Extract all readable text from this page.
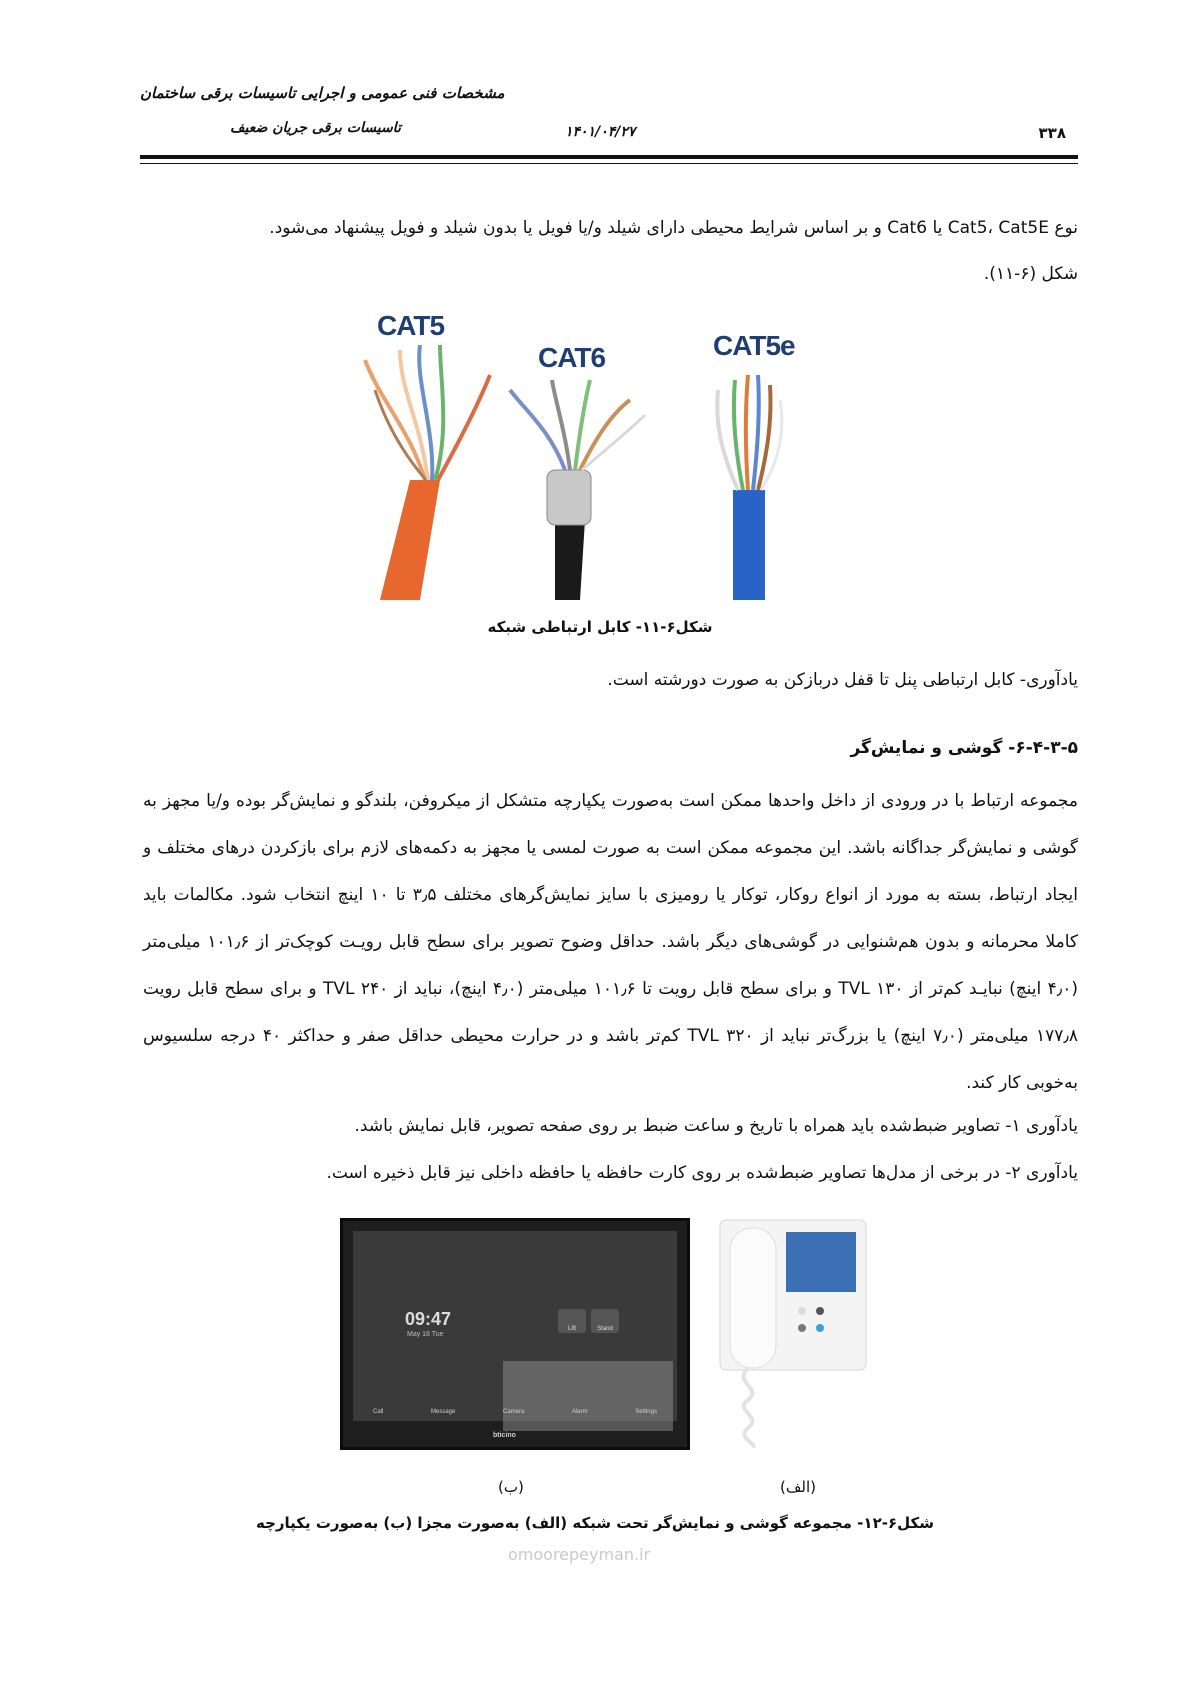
مشخصات فنی عمومی و اجرایی تاسیسات برقی ساختمان
تاسیسات برقی جریان ضعیف	۱۴۰۱/۰۴/۲۷	۳۳۸
نوع Cat5، Cat5E یا Cat6 و بر اساس شرایط محیطی دارای شیلد و/یا فویل یا بدون شیلد و فویل پیشنهاد می‌شود.
شکل (۶-۱۱).
CAT5
CAT6	CAT5e
شکل۶-۱۱- کابل ارتباطی شبکه
یادآوری- کابل ارتباطی پنل تا قفل دربازکن به صورت دورشته است.
۶-۴-۳-۵- گوشی و نمایش‌گر
مجموعه ارتباط با در ورودی از داخل واحدها ممکن است به‌صورت یکپارچه متشکل از میکروفن، بلندگو و نمایش‌گر بوده و/یا مجهز به گوشی و نمایش‌گر جداگانه باشد. این مجموعه ممکن است به صورت لمسی یا مجهز به دکمه‌های لازم برای بازکردن درهای مختلف و ایجاد ارتباط، بسته به مورد از انواع روکار، توکار یا رومیزی با سایز نمایش‌گرهای مختلف ۳٫۵ تا ۱۰ اینچ انتخاب شود. مکالمات باید کاملا محرمانه و بدون هم‌شنوایی در گوشی‌های دیگر باشد. حداقل وضوح تصویر برای سطح قابل رویـت کوچک‌تر از ۱۰۱٫۶ میلی‌متر (۴٫۰ اینچ) نبایـد کم‌تر از TVL ۱۳۰ و برای سطح قابل رویت تا ۱۰۱٫۶ میلی‌متر (۴٫۰ اینچ)، نباید از TVL ۲۴۰ و برای سطح قابل رویت ۱۷۷٫۸ میلی‌متر (۷٫۰ اینچ) یا بزرگ‌تر نباید از TVL ۳۲۰ کم‌تر باشد و در حرارت محیطی حداقل صفر و حداکثر ۴۰ درجه سلسیوس به‌خوبی کار کند.
یادآوری ۱- تصاویر ضبط‌شده باید همراه با تاریخ و ساعت ضبط بر روی صفحه تصویر، قابل نمایش باشد.
یادآوری ۲- در برخی از مدل‌ها تصاویر ضبط‌شده بر روی کارت حافظه یا حافظه داخلی نیز قابل ذخیره است.
09:47
May 18 Tue
Lift	Stand
Call	Message	Camera	Alarm	Settings
bticino
(الف)
(ب)
شکل۶-۱۲- مجموعه گوشی و نمایش‌گر تحت شبکه (الف) به‌صورت مجزا (ب) به‌صورت یکپارچه
omoorepeyman.ir
